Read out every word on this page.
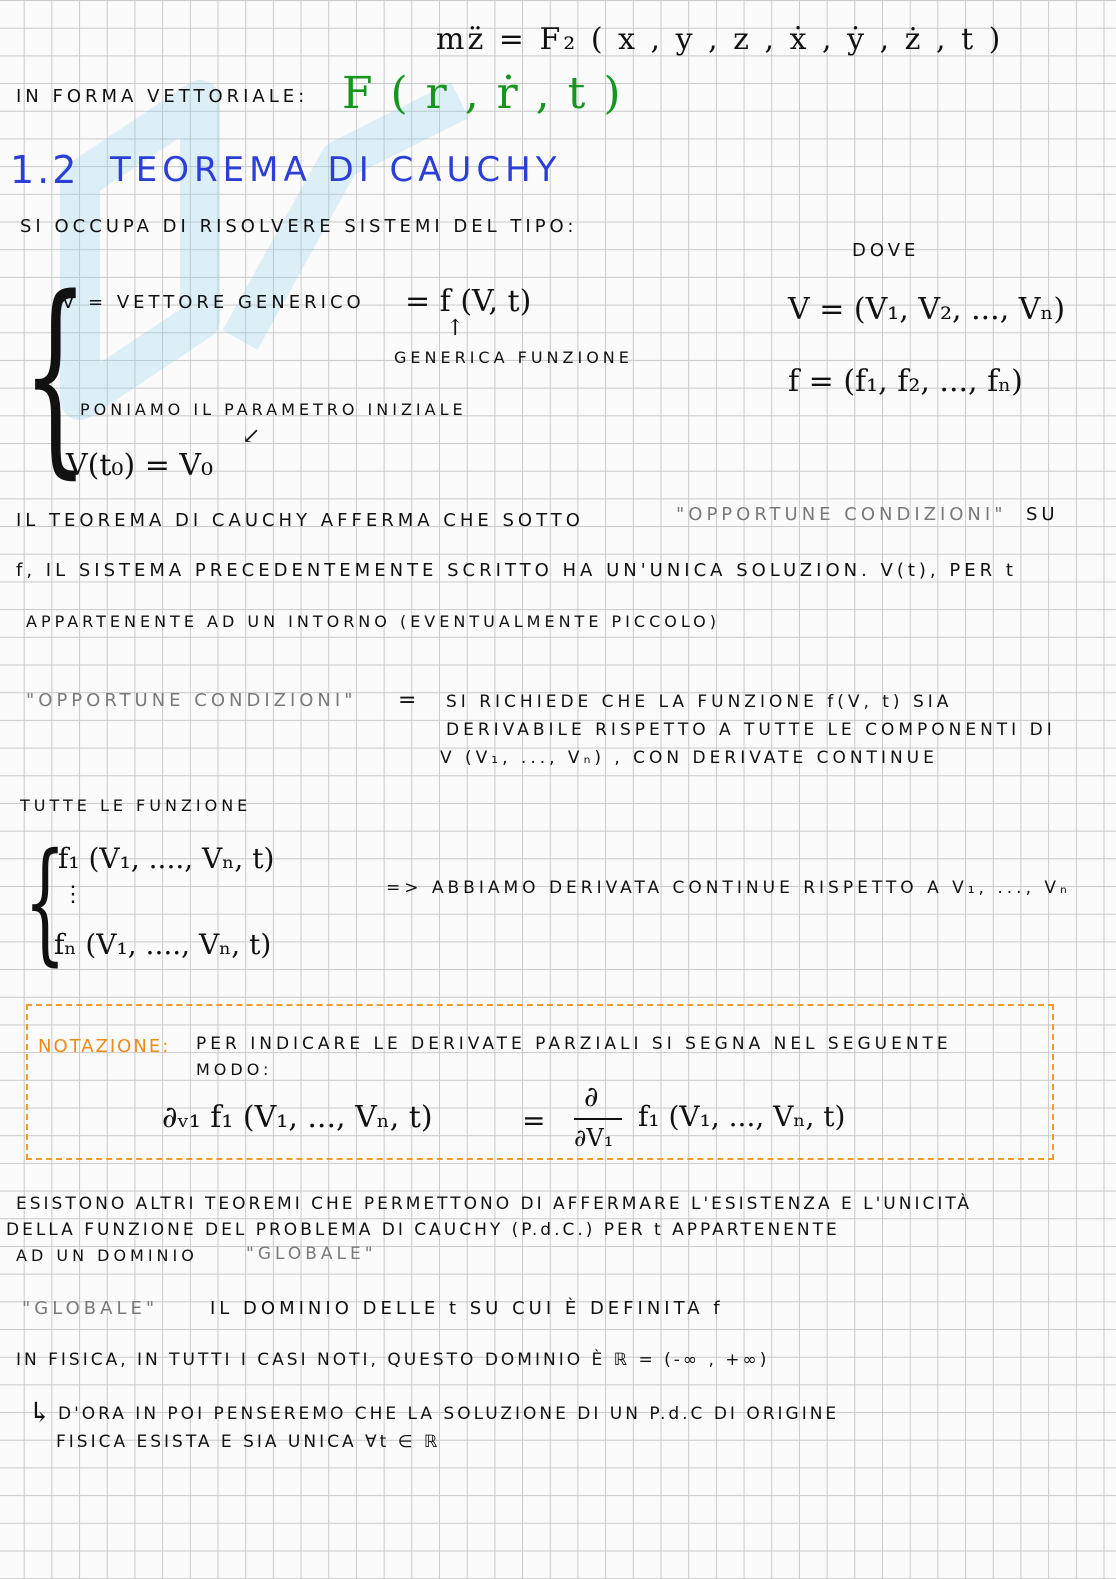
mz̈ = F₂ ( x , y , z , ẋ , ẏ , ż , t )
IN FORMA VETTORIALE: F ( r , ṙ , t )
1.2 TEOREMA DI CAUCHY
SI OCCUPA DI RISOLVERE SISTEMI DEL TIPO:
{
V̇ = VETTORE GENERICO = f (V, t)
↑
GENERICA FUNZIONE
PONIAMO IL PARAMETRO INIZIALE
↙
V(t₀) = V₀
DOVE
V = (V₁, V₂, ..., Vₙ)
f = (f₁, f₂, ..., fₙ)
IL TEOREMA DI CAUCHY AFFERMA CHE SOTTO	"OPPORTUNE CONDIZIONI" SU
f, IL SISTEMA PRECEDENTEMENTE SCRITTO HA UN'UNICA SOLUZION. V(t), PER t
APPARTENENTE AD UN INTORNO (EVENTUALMENTE PICCOLO)
"OPPORTUNE CONDIZIONI" = SI RICHIEDE CHE LA FUNZIONE f(V, t) SIA
DERIVABILE RISPETTO A TUTTE LE COMPONENTI DI
V (V₁, ..., Vₙ) , CON DERIVATE CONTINUE
TUTTE LE FUNZIONE
{
f₁ (V₁, ...., Vₙ, t)
⋮
fₙ (V₁, ...., Vₙ, t)
=> ABBIAMO DERIVATA CONTINUE RISPETTO A V₁, ..., Vₙ
NOTAZIONE: PER INDICARE LE DERIVATE PARZIALI SI SEGNA NEL SEGUENTE
MODO:
∂ᵥ₁ f₁ (V₁, ..., Vₙ, t)	=
∂
∂V₁
f₁ (V₁, ..., Vₙ, t)
ESISTONO ALTRI TEOREMI CHE PERMETTONO DI AFFERMARE L'ESISTENZA E L'UNICITÀ
DELLA FUNZIONE DEL PROBLEMA DI CAUCHY (P.d.C.) PER t APPARTENENTE
AD UN DOMINIO	"GLOBALE"
"GLOBALE"	IL DOMINIO DELLE t SU CUI È DEFINITA f
IN FISICA, IN TUTTI I CASI NOTI, QUESTO DOMINIO È ℝ = (-∞ , +∞)
↳ D'ORA IN POI PENSEREMO CHE LA SOLUZIONE DI UN P.d.C DI ORIGINE
FISICA ESISTA E SIA UNICA ∀t ∈ ℝ
